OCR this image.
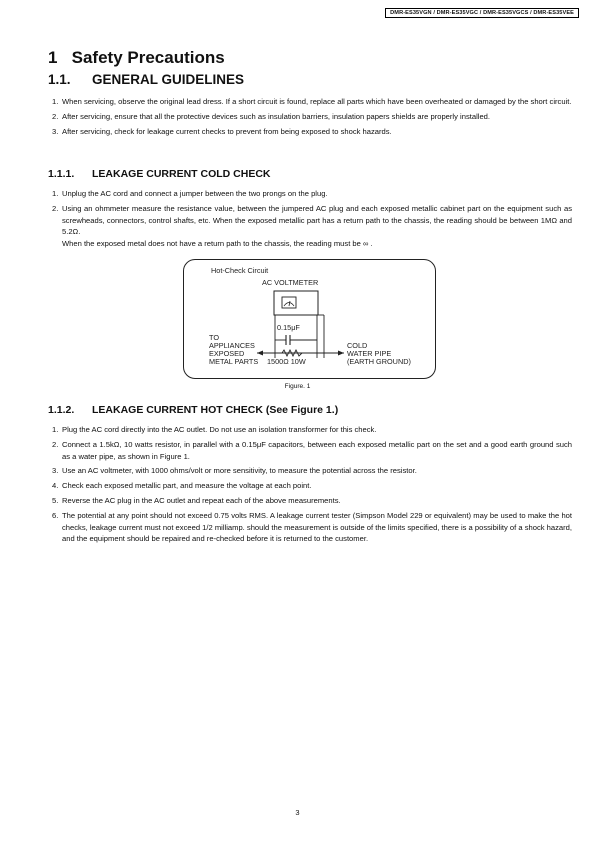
DMR-ES35VGN / DMR-ES35VGC / DMR-ES35VGCS / DMR-ES35VEE
1 Safety Precautions
1.1. GENERAL GUIDELINES
1. When servicing, observe the original lead dress. If a short circuit is found, replace all parts which have been overheated or damaged by the short circuit.
2. After servicing, ensure that all the protective devices such as insulation barriers, insulation papers shields are properly installed.
3. After servicing, check for leakage current checks to prevent from being exposed to shock hazards.
1.1.1. LEAKAGE CURRENT COLD CHECK
1. Unplug the AC cord and connect a jumper between the two prongs on the plug.
2. Using an ohmmeter measure the resistance value, between the jumpered AC plug and each exposed metallic cabinet part on the equipment such as screwheads, connectors, control shafts, etc. When the exposed metallic part has a return path to the chassis, the reading should be between 1MΩ and 5.2Ω.
When the exposed metal does not have a return path to the chassis, the reading must be ∞ .
Hot-Check Circuit
AC VOLTMETER
0.15μF
TO
APPLIANCES
EXPOSED
METAL PARTS 1500Ω 10W
COLD
WATER PIPE
(EARTH GROUND)
Figure. 1
1.1.2. LEAKAGE CURRENT HOT CHECK (See Figure 1.)
1. Plug the AC cord directly into the AC outlet. Do not use an isolation transformer for this check.
2. Connect a 1.5kΩ, 10 watts resistor, in parallel with a 0.15μF capacitors, between each exposed metallic part on the set and a good earth ground such as a water pipe, as shown in Figure 1.
3. Use an AC voltmeter, with 1000 ohms/volt or more sensitivity, to measure the potential across the resistor.
4. Check each exposed metallic part, and measure the voltage at each point.
5. Reverse the AC plug in the AC outlet and repeat each of the above measurements.
6. The potential at any point should not exceed 0.75 volts RMS. A leakage current tester (Simpson Model 229 or equivalent) may be used to make the hot checks, leakage current must not exceed 1/2 milliamp. should the measurement is outside of the limits specified, there is a possibility of a shock hazard, and the equipment should be repaired and re-checked before it is returned to the customer.
3
